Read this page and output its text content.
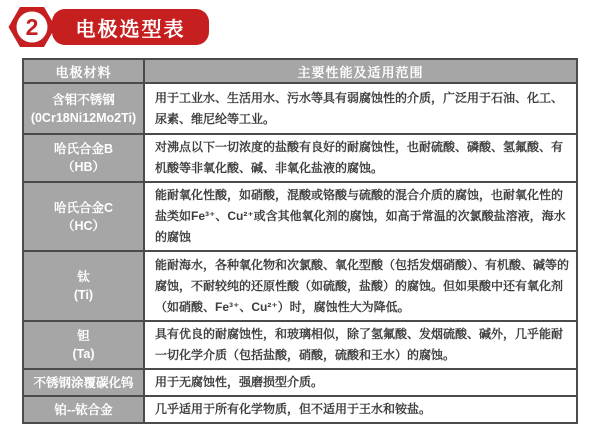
2 电极选型表
电极材料	主要性能及适用范围

含钼不锈钢
(0Cr18Ni12Mo2Ti)	用于工业水、生活用水、污水等具有弱腐蚀性的介质，广泛用于石油、化工、尿素、维尼纶等工业。

哈氏合金B
（HB）	对沸点以下一切浓度的盐酸有良好的耐腐蚀性，也耐硫酸、磷酸、氢氟酸、有机酸等非氧化酸、碱、非氧化盐液的腐蚀。

哈氏合金C
（HC）	能耐氧化性酸，如硝酸，混酸或铬酸与硫酸的混合介质的腐蚀，也耐氧化性的盐类如Fe³⁺、Cu²⁺或含其他氧化剂的腐蚀，如高于常温的次氯酸盐溶液，海水的腐蚀

钛
(Ti)	能耐海水，各种氧化物和次氯酸、氧化型酸（包括发烟硝酸）、有机酸、碱等的腐蚀，不耐较纯的还原性酸（如硫酸，盐酸）的腐蚀。但如果酸中还有氧化剂（如硝酸、Fe³⁺、Cu²⁺）时，腐蚀性大为降低。

钽
(Ta)	具有优良的耐腐蚀性，和玻璃相似，除了氢氟酸、发烟硫酸、碱外，几乎能耐一切化学介质（包括盐酸，硝酸，硫酸和王水）的腐蚀。

不锈钢涂覆碳化钨	用于无腐蚀性，强磨损型介质。

铂--铱合金	几乎适用于所有化学物质，但不适用于王水和铵盐。
